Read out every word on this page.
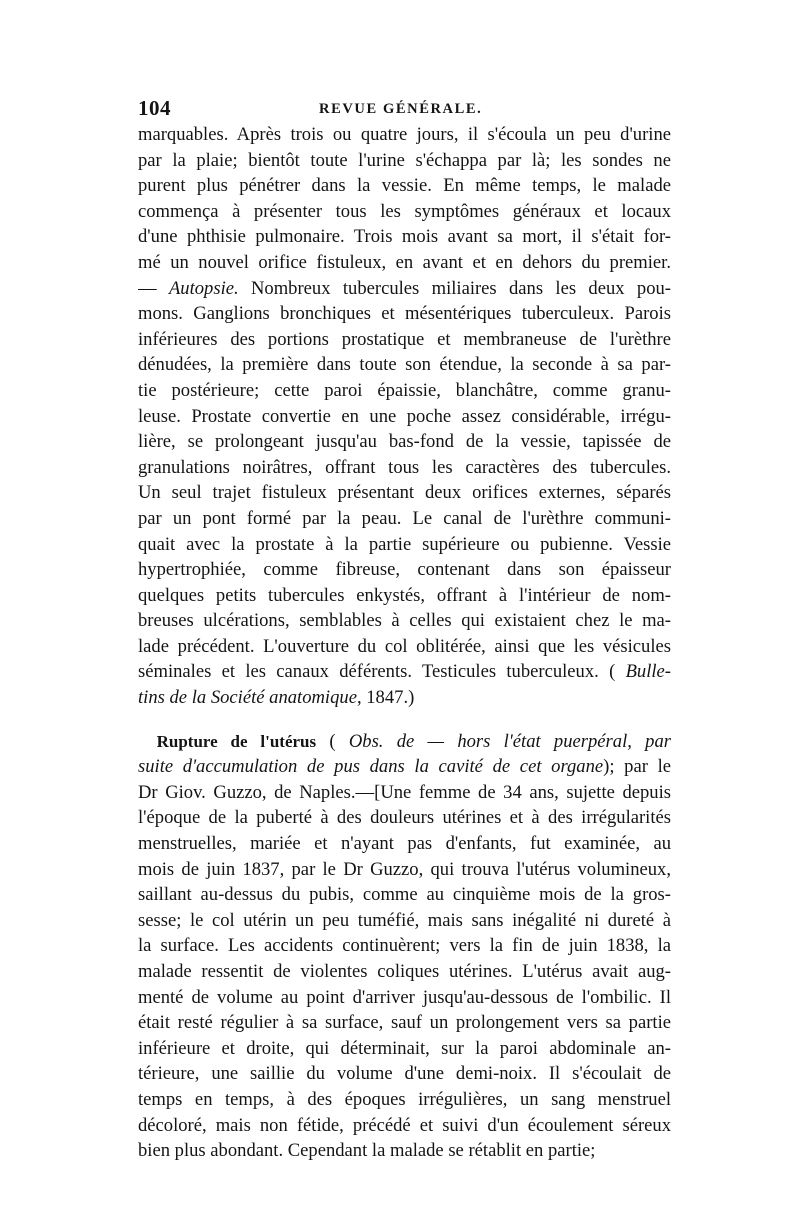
104	REVUE GÉNÉRALE.
marquables. Après trois ou quatre jours, il s'écoula un peu d'urine
par la plaie; bientôt toute l'urine s'échappa par là; les sondes ne
purent plus pénétrer dans la vessie. En même temps, le malade
commença à présenter tous les symptômes généraux et locaux
d'une phthisie pulmonaire. Trois mois avant sa mort, il s'était for-
mé un nouvel orifice fistuleux, en avant et en dehors du premier.
— Autopsie. Nombreux tubercules miliaires dans les deux pou-
mons. Ganglions bronchiques et mésentériques tuberculeux. Parois
inférieures des portions prostatique et membraneuse de l'urèthre
dénudées, la première dans toute son étendue, la seconde à sa par-
tie postérieure; cette paroi épaissie, blanchâtre, comme granu-
leuse. Prostate convertie en une poche assez considérable, irrégu-
lière, se prolongeant jusqu'au bas-fond de la vessie, tapissée de
granulations noirâtres, offrant tous les caractères des tubercules.
Un seul trajet fistuleux présentant deux orifices externes, séparés
par un pont formé par la peau. Le canal de l'urèthre communi-
quait avec la prostate à la partie supérieure ou pubienne. Vessie
hypertrophiée, comme fibreuse, contenant dans son épaisseur
quelques petits tubercules enkystés, offrant à l'intérieur de nom-
breuses ulcérations, semblables à celles qui existaient chez le ma-
lade précédent. L'ouverture du col oblitérée, ainsi que les vésicules
séminales et les canaux déférents. Testicules tuberculeux. ( Bulle-
tins de la Société anatomique, 1847.)
 Rupture de l'utérus ( Obs. de — hors l'état puerpéral, par
suite d'accumulation de pus dans la cavité de cet organe); par le
Dr Giov. Guzzo, de Naples.—[Une femme de 34 ans, sujette depuis
l'époque de la puberté à des douleurs utérines et à des irrégularités
menstruelles, mariée et n'ayant pas d'enfants, fut examinée, au
mois de juin 1837, par le Dr Guzzo, qui trouva l'utérus volumineux,
saillant au-dessus du pubis, comme au cinquième mois de la gros-
sesse; le col utérin un peu tuméfié, mais sans inégalité ni dureté à
la surface. Les accidents continuèrent; vers la fin de juin 1838, la
malade ressentit de violentes coliques utérines. L'utérus avait aug-
menté de volume au point d'arriver jusqu'au-dessous de l'ombilic. Il
était resté régulier à sa surface, sauf un prolongement vers sa partie
inférieure et droite, qui déterminait, sur la paroi abdominale an-
térieure, une saillie du volume d'une demi-noix. Il s'écoulait de
temps en temps, à des époques irrégulières, un sang menstruel
décoloré, mais non fétide, précédé et suivi d'un écoulement séreux
bien plus abondant. Cependant la malade se rétablit en partie;
